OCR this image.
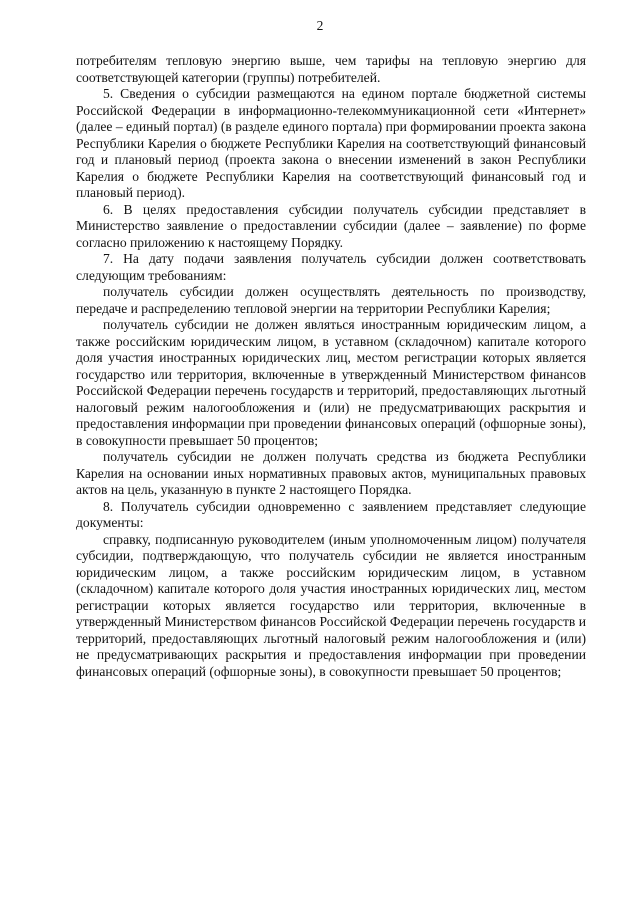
2

потребителям тепловую энергию выше, чем тарифы на тепловую энергию для соответствующей категории (группы) потребителей.

5. Сведения о субсидии размещаются на едином портале бюджетной системы Российской Федерации в информационно-телекоммуникационной сети «Интернет» (далее – единый портал) (в разделе единого портала) при формировании проекта закона Республики Карелия о бюджете Республики Карелия на соответствующий финансовый год и плановый период (проекта закона о внесении изменений в закон Республики Карелия о бюджете Республики Карелия на соответствующий финансовый год и плановый период).

6. В целях предоставления субсидии получатель субсидии представляет в Министерство заявление о предоставлении субсидии (далее – заявление) по форме согласно приложению к настоящему Порядку.

7. На дату подачи заявления получатель субсидии должен соответствовать следующим требованиям:

получатель субсидии должен осуществлять деятельность по производству, передаче и распределению тепловой энергии на территории Республики Карелия;

получатель субсидии не должен являться иностранным юридическим лицом, а также российским юридическим лицом, в уставном (складочном) капитале которого доля участия иностранных юридических лиц, местом регистрации которых является государство или территория, включенные в утвержденный Министерством финансов Российской Федерации перечень государств и территорий, предоставляющих льготный налоговый режим налогообложения и (или) не предусматривающих раскрытия и предоставления информации при проведении финансовых операций (офшорные зоны), в совокупности превышает 50 процентов;

получатель субсидии не должен получать средства из бюджета Республики Карелия на основании иных нормативных правовых актов, муниципальных правовых актов на цель, указанную в пункте 2 настоящего Порядка.

8. Получатель субсидии одновременно с заявлением представляет следующие документы:

справку, подписанную руководителем (иным уполномоченным лицом) получателя субсидии, подтверждающую, что получатель субсидии не является иностранным юридическим лицом, а также российским юридическим лицом, в уставном (складочном) капитале которого доля участия иностранных юридических лиц, местом регистрации которых является государство или территория, включенные в утвержденный Министерством финансов Российской Федерации перечень государств и территорий, предоставляющих льготный налоговый режим налогообложения и (или) не предусматривающих раскрытия и предоставления информации при проведении финансовых операций (офшорные зоны), в совокупности превышает 50 процентов;
